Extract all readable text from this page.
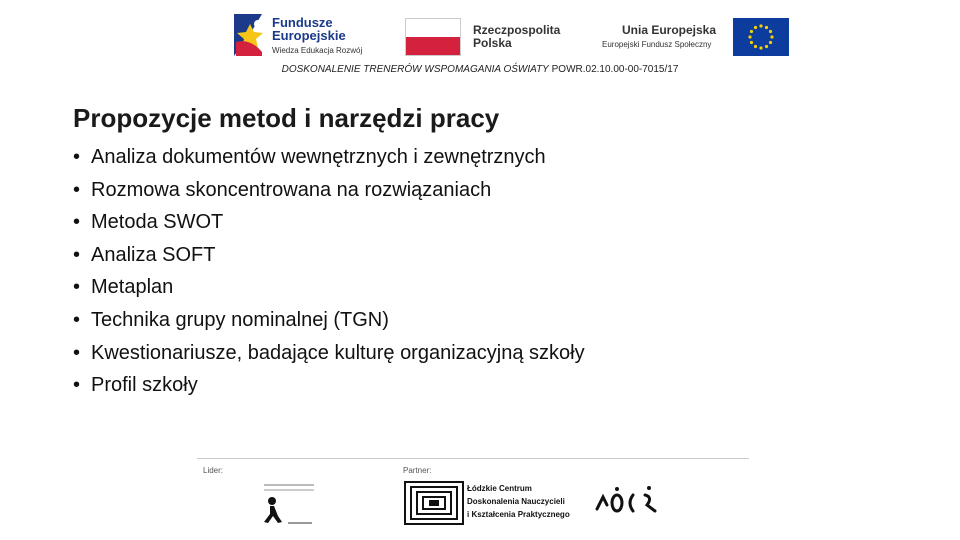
Fundusze
Europejskie
Wiedza Edukacja Rozwój
Rzeczpospolita
Polska
Unia Europejska
Europejski Fundusz Społeczny
DOSKONALENIE TRENERÓW WSPOMAGANIA OŚWIATY POWR.02.10.00-00-7015/17
Propozycje metod i narzędzi pracy
• Analiza dokumentów wewnętrznych i zewnętrznych
• Rozmowa skoncentrowana na rozwiązaniach
• Metoda SWOT
• Analiza SOFT
• Metaplan
• Technika grupy nominalnej (TGN)
• Kwestionariusze, badające kulturę organizacyjną szkoły
• Profil szkoły
Lider:	Partner:
Łódzkie Centrum
Doskonalenia Nauczycieli
i Kształcenia Praktycznego
